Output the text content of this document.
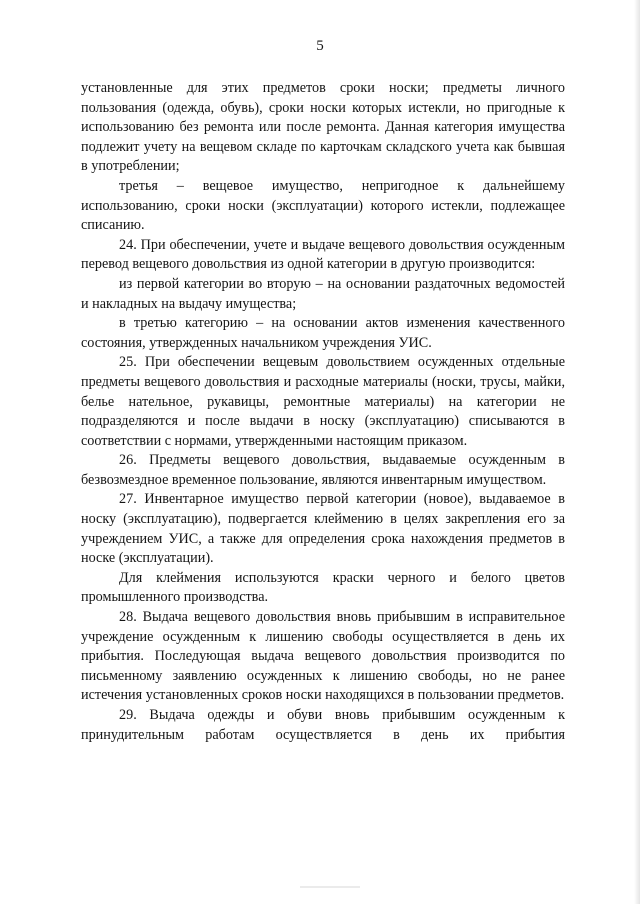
5

установленные для этих предметов сроки носки; предметы личного пользования (одежда, обувь), сроки носки которых истекли, но пригодные к использованию без ремонта или после ремонта. Данная категория имущества подлежит учету на вещевом складе по карточкам складского учета как бывшая в употреблении;

третья – вещевое имущество, непригодное к дальнейшему использованию, сроки носки (эксплуатации) которого истекли, подлежащее списанию.

24. При обеспечении, учете и выдаче вещевого довольствия осужденным перевод вещевого довольствия из одной категории в другую производится:

из первой категории во вторую – на основании раздаточных ведомостей и накладных на выдачу имущества;

в третью категорию – на основании актов изменения качественного состояния, утвержденных начальником учреждения УИС.

25. При обеспечении вещевым довольствием осужденных отдельные предметы вещевого довольствия и расходные материалы (носки, трусы, майки, белье нательное, рукавицы, ремонтные материалы) на категории не подразделяются и после выдачи в носку (эксплуатацию) списываются в соответствии с нормами, утвержденными настоящим приказом.

26. Предметы вещевого довольствия, выдаваемые осужденным в безвозмездное временное пользование, являются инвентарным имуществом.

27. Инвентарное имущество первой категории (новое), выдаваемое в носку (эксплуатацию), подвергается клеймению в целях закрепления его за учреждением УИС, а также для определения срока нахождения предметов в носке (эксплуатации).

Для клеймения используются краски черного и белого цветов промышленного производства.

28. Выдача вещевого довольствия вновь прибывшим в исправительное учреждение осужденным к лишению свободы осуществляется в день их прибытия. Последующая выдача вещевого довольствия производится по письменному заявлению осужденных к лишению свободы, но не ранее истечения установленных сроков носки находящихся в пользовании предметов.

29. Выдача одежды и обуви вновь прибывшим осужденным к принудительным работам осуществляется в день их прибытия
